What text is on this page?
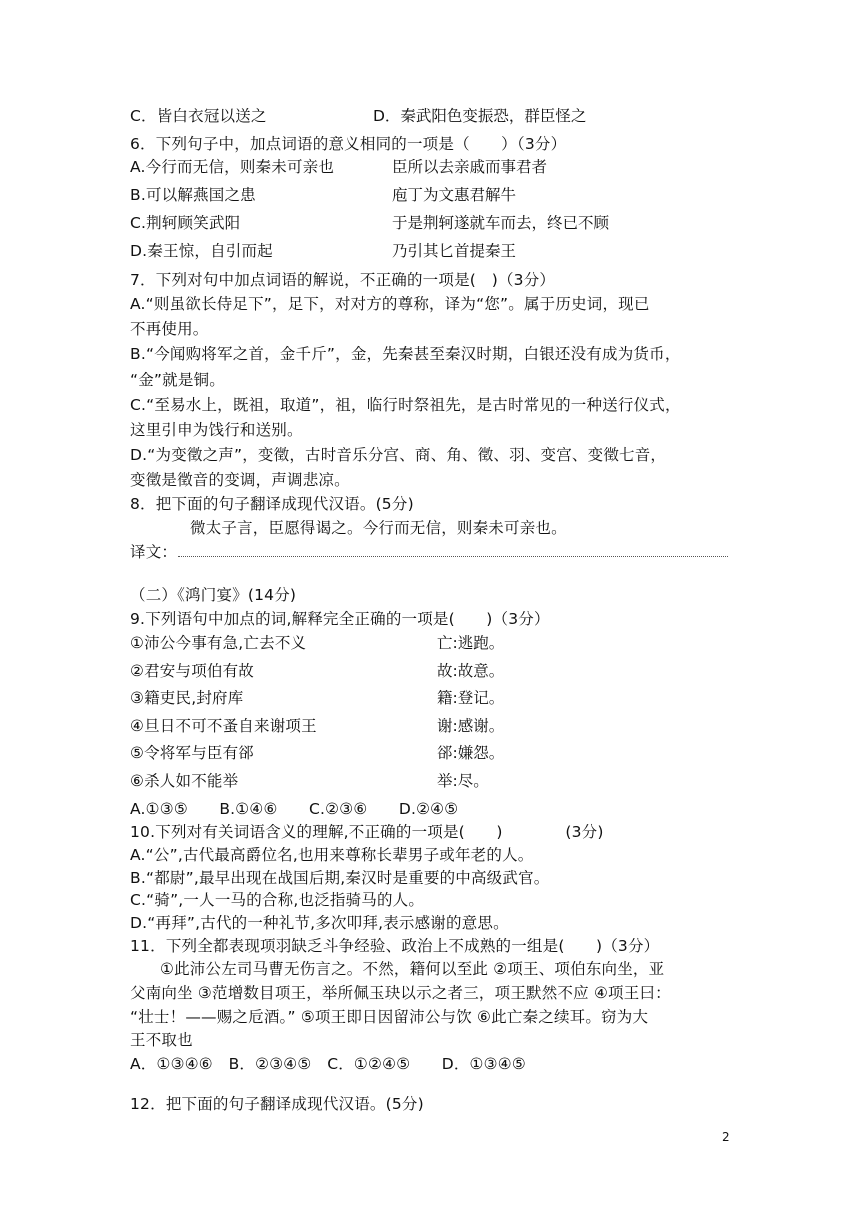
C．皆白衣冠以送之	D．秦武阳色变振恐，群臣怪之
6．下列句子中，加点词语的意义相同的一项是（　　）（3分）
A.今行而无信，则秦未可亲也	臣所以去亲戚而事君者
B.可以解燕国之患	庖丁为文惠君解牛
C.荆轲顾笑武阳	于是荆轲遂就车而去，终已不顾
D.秦王惊，自引而起	乃引其匕首提秦王
7．下列对句中加点词语的解说，不正确的一项是(　)（3分）
A.“则虽欲长侍足下”，足下，对对方的尊称，译为“您”。属于历史词，现已
不再使用。
B.“今闻购将军之首，金千斤”，金，先秦甚至秦汉时期，白银还没有成为货币，
“金”就是铜。
C.“至易水上，既祖，取道”，祖，临行时祭祖先，是古时常见的一种送行仪式，
这里引申为饯行和送别。
D.“为变徵之声”，变徵，古时音乐分宫、商、角、徵、羽、变宫、变徵七音，
变徵是徵音的变调，声调悲凉。
8．把下面的句子翻译成现代汉语。(5分)
微太子言，臣愿得谒之。今行而无信，则秦未可亲也。
译文：
（二）《鸿门宴》(14分)
9.下列语句中加点的词,解释完全正确的一项是(　　)（3分）
①沛公今事有急,亡去不义	亡:逃跑。
②君安与项伯有故	故:故意。
③籍吏民,封府库	籍:登记。
④旦日不可不蚤自来谢项王	谢:感谢。
⑤令将军与臣有郤	郤:嫌怨。
⑥杀人如不能举	举:尽。
A.①③⑤　　B.①④⑥　　C.②③⑥　　D.②④⑤
10.下列对有关词语含义的理解,不正确的一项是(　　)　　　　(3分)
A.“公”,古代最高爵位名,也用来尊称长辈男子或年老的人。
B.“都尉”,最早出现在战国后期,秦汉时是重要的中高级武官。
C.“骑”,一人一马的合称,也泛指骑马的人。
D.“再拜”,古代的一种礼节,多次叩拜,表示感谢的意思。
11．下列全都表现项羽缺乏斗争经验、政治上不成熟的一组是(　　)（3分）
①此沛公左司马曹无伤言之。不然，籍何以至此 ②项王、项伯东向坐，亚
父南向坐 ③范增数目项王，举所佩玉玦以示之者三，项王默然不应 ④项王曰：
“壮士！——赐之卮酒。” ⑤项王即日因留沛公与饮 ⑥此亡秦之续耳。窃为大
王不取也
A．①③④⑥　B．②③④⑤　C．①②④⑤　　D．①③④⑤
12．把下面的句子翻译成现代汉语。(5分)
2
